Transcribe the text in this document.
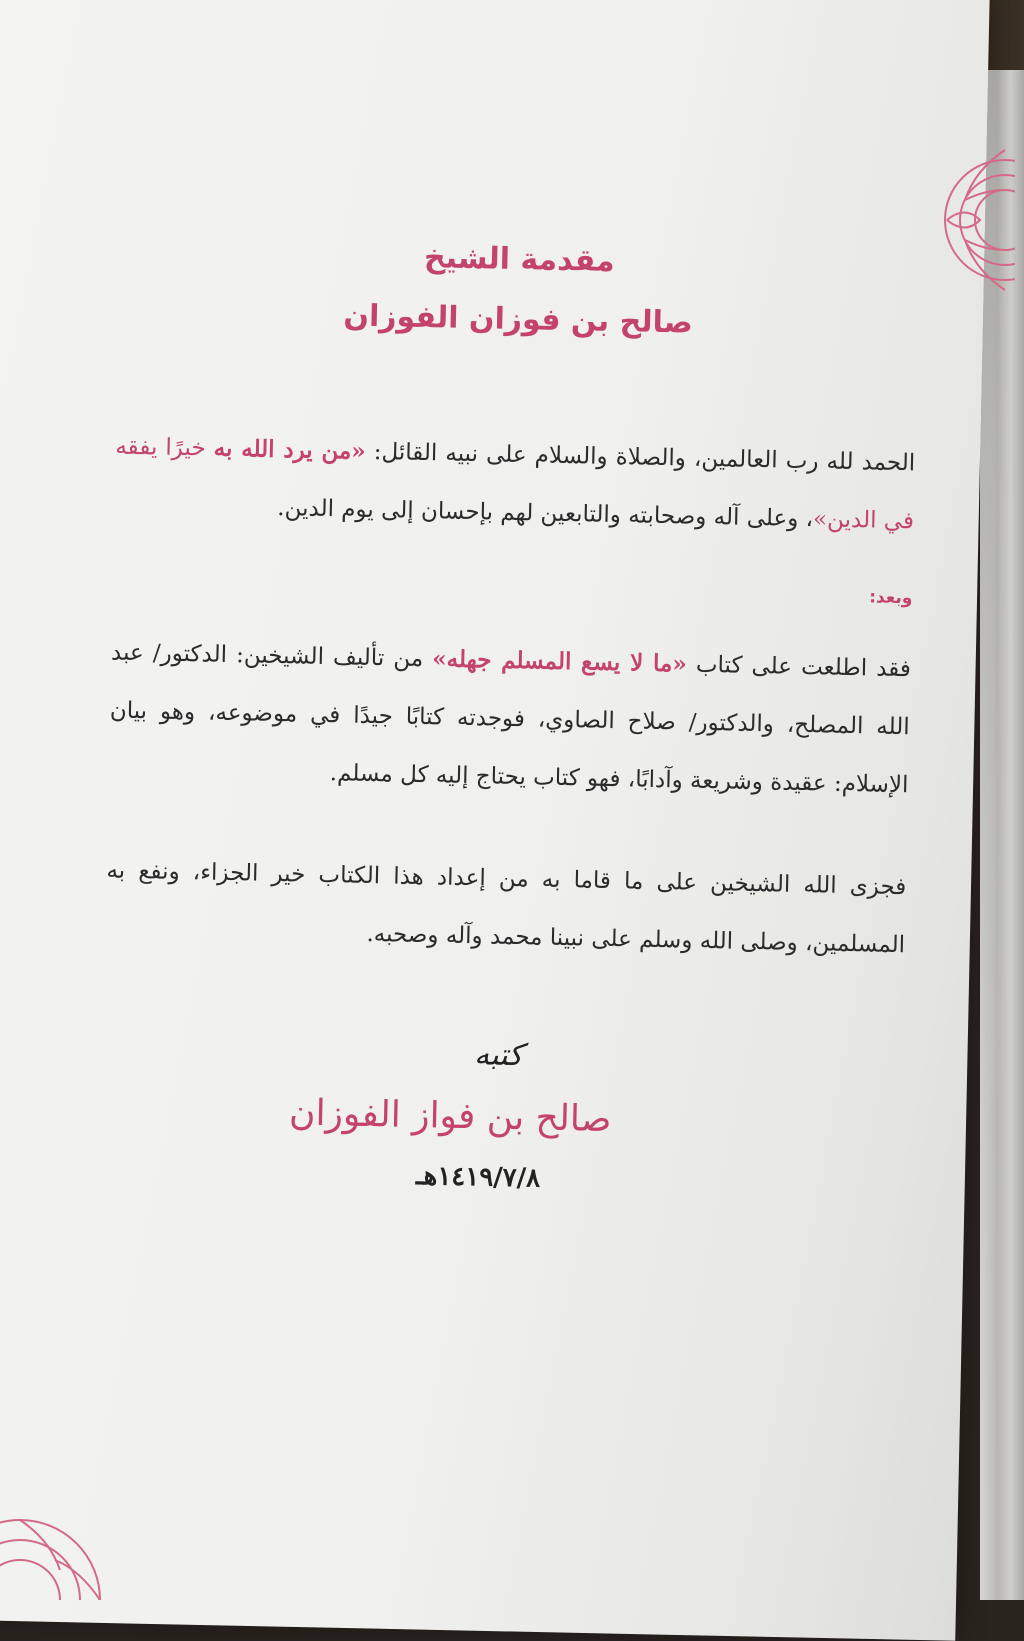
مقدمة الشيخ

صالح بن فوزان الفوزان

الحمد لله رب العالمين، والصلاة والسلام على نبيه القائل: «من يرد الله به خيرًا يفقه في الدين»، وعلى آله وصحابته والتابعين لهم بإحسان إلى يوم الدين.

وبعد:

فقد اطلعت على كتاب «ما لا يسع المسلم جهله» من تأليف الشيخين: الدكتور/ عبد الله المصلح، والدكتور/ صلاح الصاوي، فوجدته كتابًا جيدًا في موضوعه، وهو بيان الإسلام: عقيدة وشريعة وآدابًا، فهو كتاب يحتاج إليه كل مسلم.

فجزى الله الشيخين على ما قاما به من إعداد هذا الكتاب خير الجزاء، ونفع به المسلمين، وصلى الله وسلم على نبينا محمد وآله وصحبه.

كتبه
صالح بن فواز الفوزان
١٤١٩/٧/٨هـ
